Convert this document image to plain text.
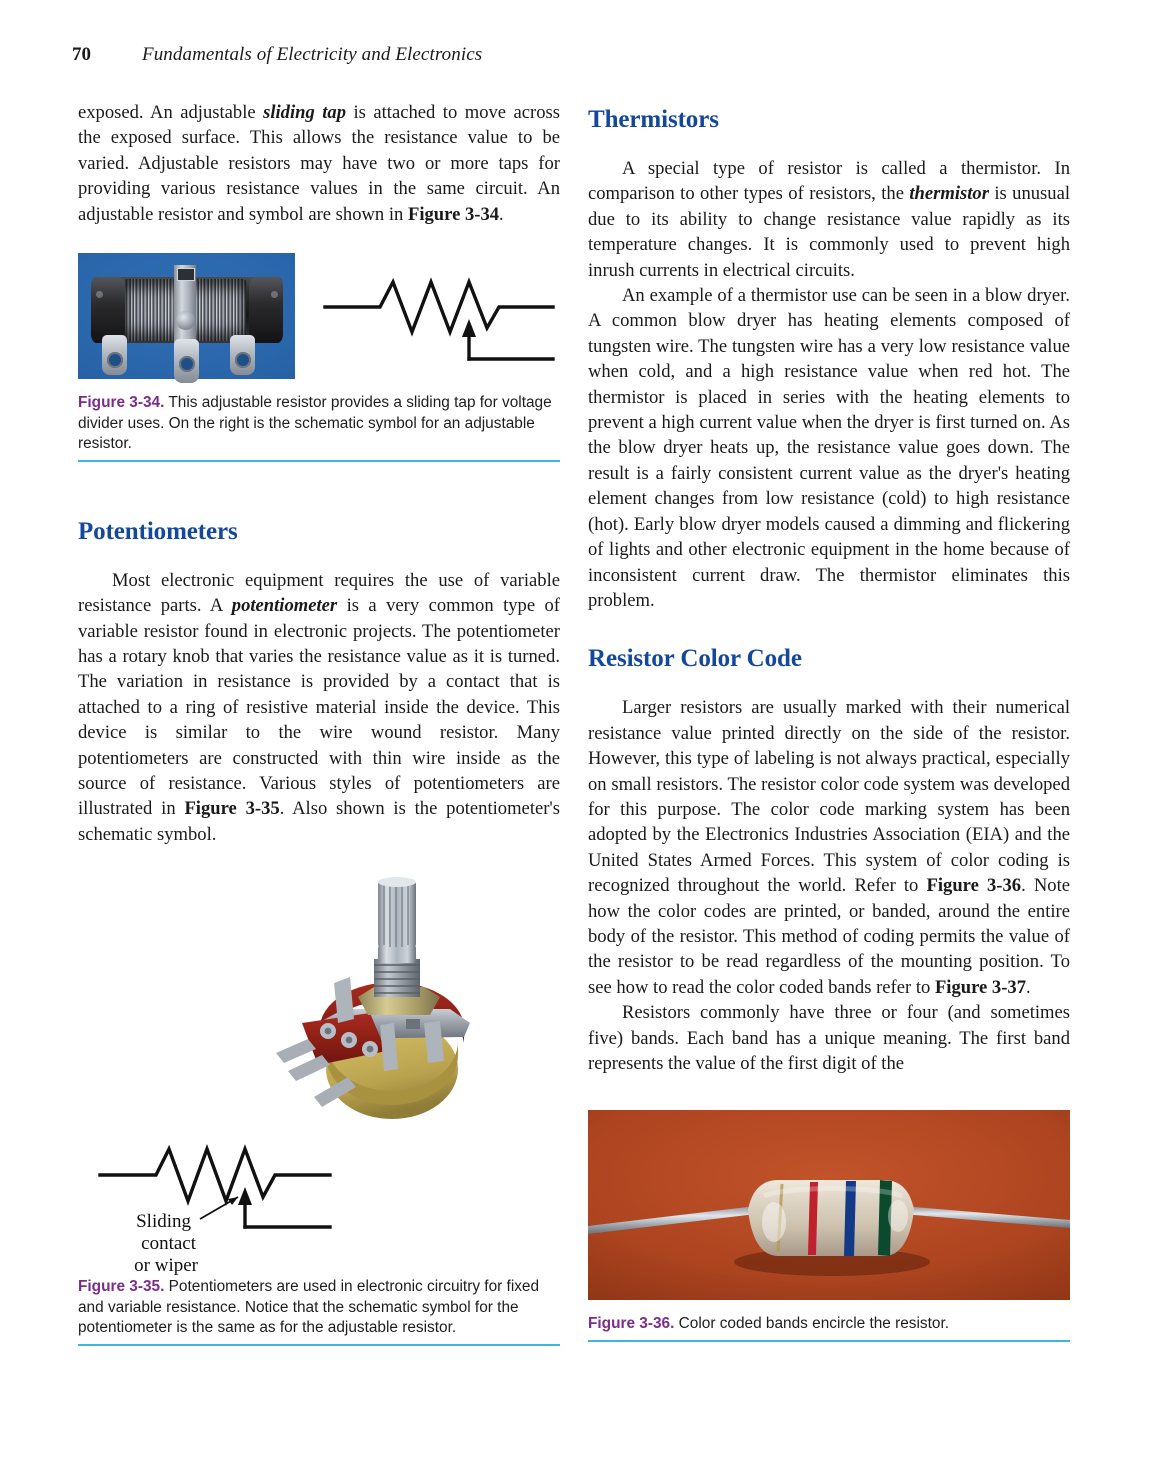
70	Fundamentals of Electricity and Electronics

exposed. An adjustable sliding tap is attached to move across the exposed surface. This allows the resistance value to be varied. Adjustable resistors may have two or more taps for providing various resistance values in the same circuit. An adjustable resistor and symbol are shown in Figure 3-34.

Figure 3-34. This adjustable resistor provides a sliding tap for voltage divider uses. On the right is the schematic symbol for an adjustable resistor.

Potentiometers

Most electronic equipment requires the use of variable resistance parts. A potentiometer is a very common type of variable resistor found in electronic projects. The potentiometer has a rotary knob that varies the resistance value as it is turned. The variation in resistance is provided by a contact that is attached to a ring of resistive material inside the device. This device is similar to the wire wound resistor. Many potentiometers are constructed with thin wire inside as the source of resistance. Various styles of potentiometers are illustrated in Figure 3-35. Also shown is the potentiometer's schematic symbol.

Sliding
contact
or wiper

Figure 3-35. Potentiometers are used in electronic circuitry for fixed and variable resistance. Notice that the schematic symbol for the potentiometer is the same as for the adjustable resistor.

Thermistors

A special type of resistor is called a thermistor. In comparison to other types of resistors, the thermistor is unusual due to its ability to change resistance value rapidly as its temperature changes. It is commonly used to prevent high inrush currents in electrical circuits.

An example of a thermistor use can be seen in a blow dryer. A common blow dryer has heating elements composed of tungsten wire. The tungsten wire has a very low resistance value when cold, and a high resistance value when red hot. The thermistor is placed in series with the heating elements to prevent a high current value when the dryer is first turned on. As the blow dryer heats up, the resistance value goes down. The result is a fairly consistent current value as the dryer's heating element changes from low resistance (cold) to high resistance (hot). Early blow dryer models caused a dimming and flickering of lights and other electronic equipment in the home because of inconsistent current draw. The thermistor eliminates this problem.

Resistor Color Code

Larger resistors are usually marked with their numerical resistance value printed directly on the side of the resistor. However, this type of labeling is not always practical, especially on small resistors. The resistor color code system was developed for this purpose. The color code marking system has been adopted by the Electronics Industries Association (EIA) and the United States Armed Forces. This system of color coding is recognized throughout the world. Refer to Figure 3-36. Note how the color codes are printed, or banded, around the entire body of the resistor. This method of coding permits the value of the resistor to be read regardless of the mounting position. To see how to read the color coded bands refer to Figure 3-37.

Resistors commonly have three or four (and sometimes five) bands. Each band has a unique meaning. The first band represents the value of the first digit of the

Figure 3-36. Color coded bands encircle the resistor.
